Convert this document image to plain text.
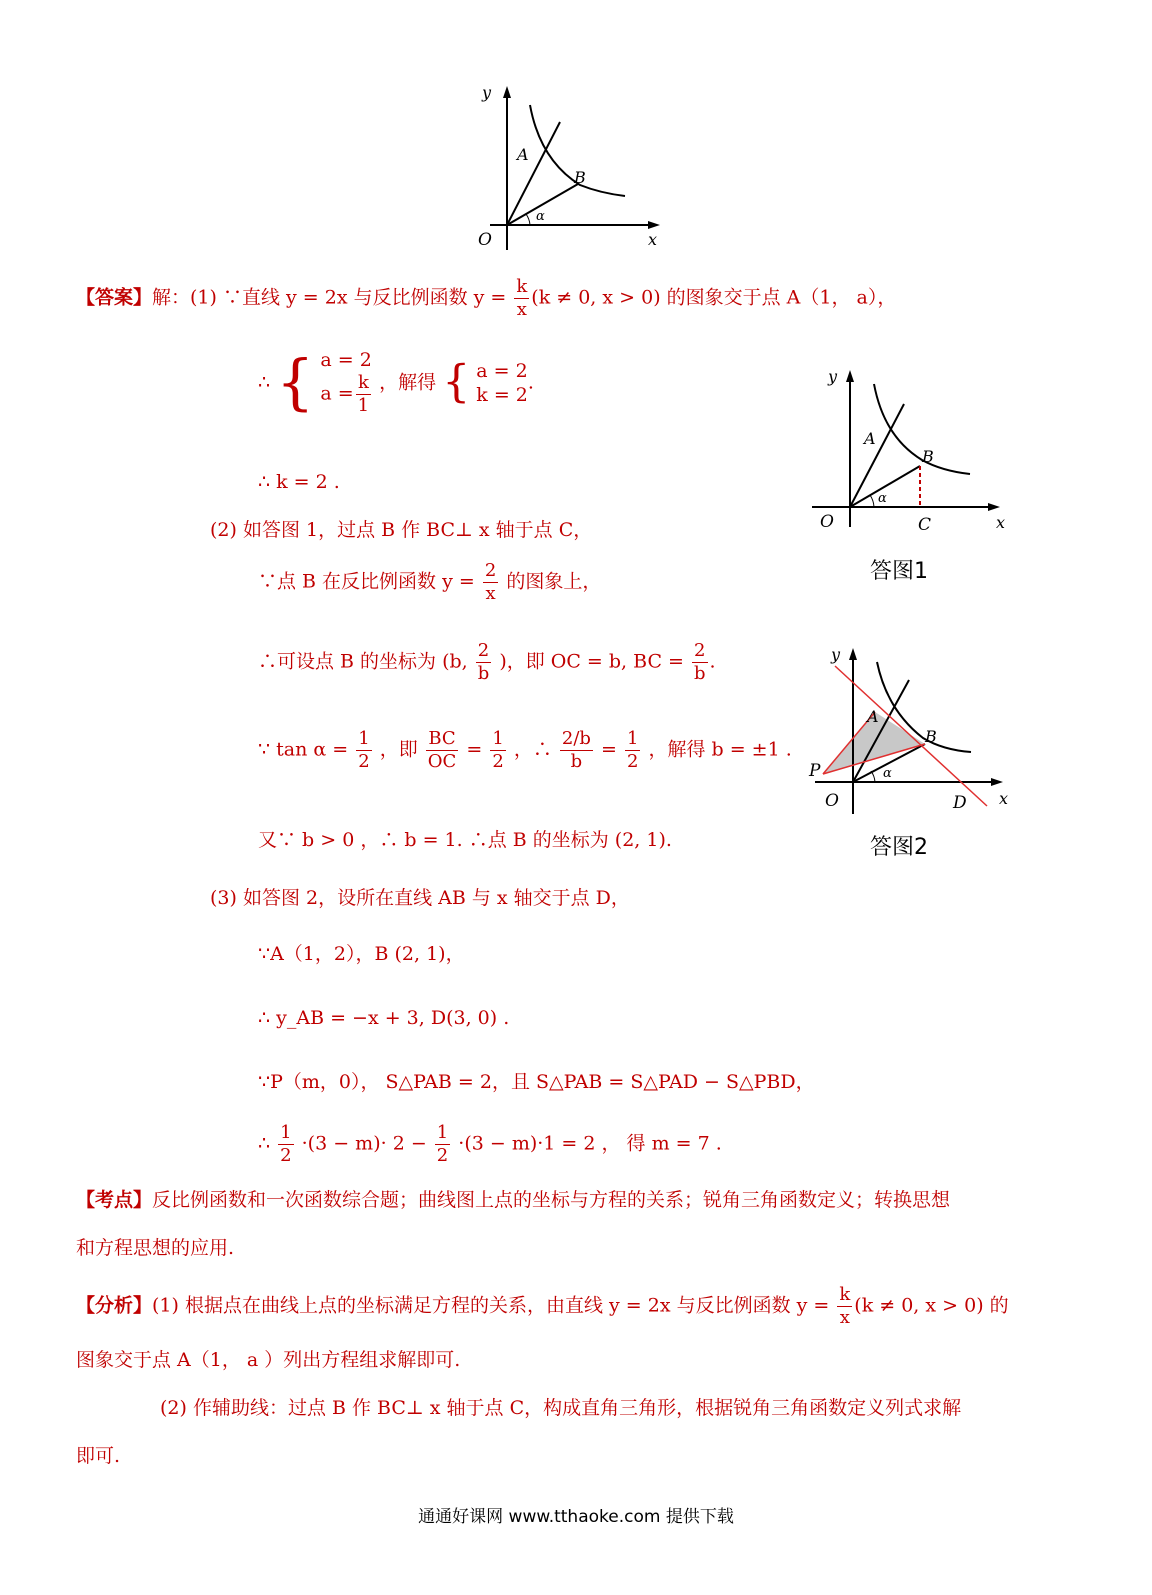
y
x
O
A
B
α
【答案】解：(1) ∵直线 y = 2x 与反比例函数 $y = \frac{k}{x} (k \ne 0$, x > 0) 的图象交于点 A（1， a），
∴ { a = 2
$a = \frac{k}{1}$ ，解得 { a = 2
k = 2
.
∴ k = 2 .
(2) 如答图 1，过点 B 作 BC⊥ x 轴于点 C，
∵点 B 在反比例函数 $y = \frac{2}{x}$ 的图象上，
∴可设点 B 的坐标为 (b, $\frac{2}{b}$ )，即 OC = b, BC = $\frac{2}{b}$ .
∵ $\tan \alpha = \frac{1}{2}$ ，即 $\frac{BC}{OC} = \frac{1}{2}$ ，∴ $\frac{2/b}{b} = \frac{1}{2}$ ，解得 b = ±1 .
又∵ b > 0 ，∴ b = 1. ∴点 B 的坐标为 (2, 1).
(3) 如答图 2，设所在直线 AB 与 x 轴交于点 D，
∵A（1，2），B (2, 1)，
∴ y_AB = −x + 3, D(3, 0) .
∵P（m，0）， S△PAB = 2，且 S△PAB = S△PAD − S△PBD，
∴ $\frac{1}{2} \cdot(3 - m)\cdot 2 - \frac{1}{2} \cdot(3 - m)\cdot 1 = 2$ ， 得 m = 7 .
y
x
O
A
B
C
α
答图1
y
x
O
A
B
P
D
α
答图2
【考点】反比例函数和一次函数综合题；曲线图上点的坐标与方程的关系；锐角三角函数定义；转换思想
和方程思想的应用.
【分析】(1) 根据点在曲线上点的坐标满足方程的关系，由直线 y = 2x 与反比例函数 $y = \frac{k}{x} (k \ne 0$, x > 0) 的
图象交于点 A（1， a ）列出方程组求解即可.
(2) 作辅助线：过点 B 作 BC⊥ x 轴于点 C，构成直角三角形，根据锐角三角函数定义列式求解
即可.
通通好课网 www.tthaoke.com 提供下载
